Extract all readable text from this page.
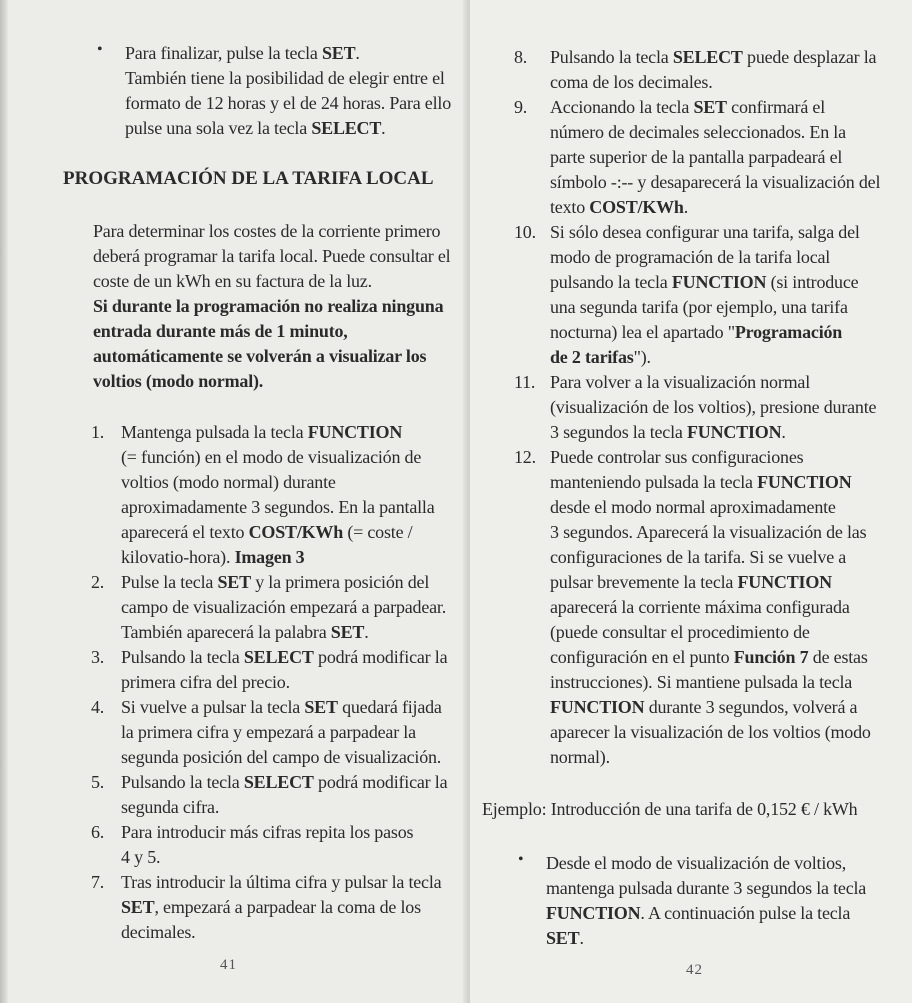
• Para finalizar, pulse la tecla SET.

También tiene la posibilidad de elegir entre el

formato de 12 horas y el de 24 horas. Para ello

pulse una sola vez la tecla SELECT.

PROGRAMACIÓN DE LA TARIFA LOCAL

Para determinar los costes de la corriente primero

deberá programar la tarifa local. Puede consultar el

coste de un kWh en su factura de la luz.

Si durante la programación no realiza ninguna

entrada durante más de 1 minuto,

automáticamente se volverán a visualizar los

voltios (modo normal).

1. Mantenga pulsada la tecla FUNCTION

(= función) en el modo de visualización de

voltios (modo normal) durante

aproximadamente 3 segundos. En la pantalla

aparecerá el texto COST/KWh (= coste /

kilovatio-hora). Imagen 3

2. Pulse la tecla SET y la primera posición del

campo de visualización empezará a parpadear.

También aparecerá la palabra SET.

3. Pulsando la tecla SELECT podrá modificar la

primera cifra del precio.

4. Si vuelve a pulsar la tecla SET quedará fijada

la primera cifra y empezará a parpadear la

segunda posición del campo de visualización.

5. Pulsando la tecla SELECT podrá modificar la

segunda cifra.

6. Para introducir más cifras repita los pasos

4 y 5.

7. Tras introducir la última cifra y pulsar la tecla

SET, empezará a parpadear la coma de los

decimales.

41
8. Pulsando la tecla SELECT puede desplazar la

coma de los decimales.

9. Accionando la tecla SET confirmará el

número de decimales seleccionados. En la

parte superior de la pantalla parpadeará el

símbolo -:-- y desaparecerá la visualización del

texto COST/KWh.

10. Si sólo desea configurar una tarifa, salga del

modo de programación de la tarifa local

pulsando la tecla FUNCTION (si introduce

una segunda tarifa (por ejemplo, una tarifa

nocturna) lea el apartado "Programación

de 2 tarifas").

11. Para volver a la visualización normal

(visualización de los voltios), presione durante

3 segundos la tecla FUNCTION.

12. Puede controlar sus configuraciones

manteniendo pulsada la tecla FUNCTION

desde el modo normal aproximadamente

3 segundos. Aparecerá la visualización de las

configuraciones de la tarifa. Si se vuelve a

pulsar brevemente la tecla FUNCTION

aparecerá la corriente máxima configurada

(puede consultar el procedimiento de

configuración en el punto Función 7 de estas

instrucciones). Si mantiene pulsada la tecla

FUNCTION durante 3 segundos, volverá a

aparecer la visualización de los voltios (modo

normal).

Ejemplo: Introducción de una tarifa de 0,152 € / kWh

• Desde el modo de visualización de voltios,

mantenga pulsada durante 3 segundos la tecla

FUNCTION. A continuación pulse la tecla

SET.

42
